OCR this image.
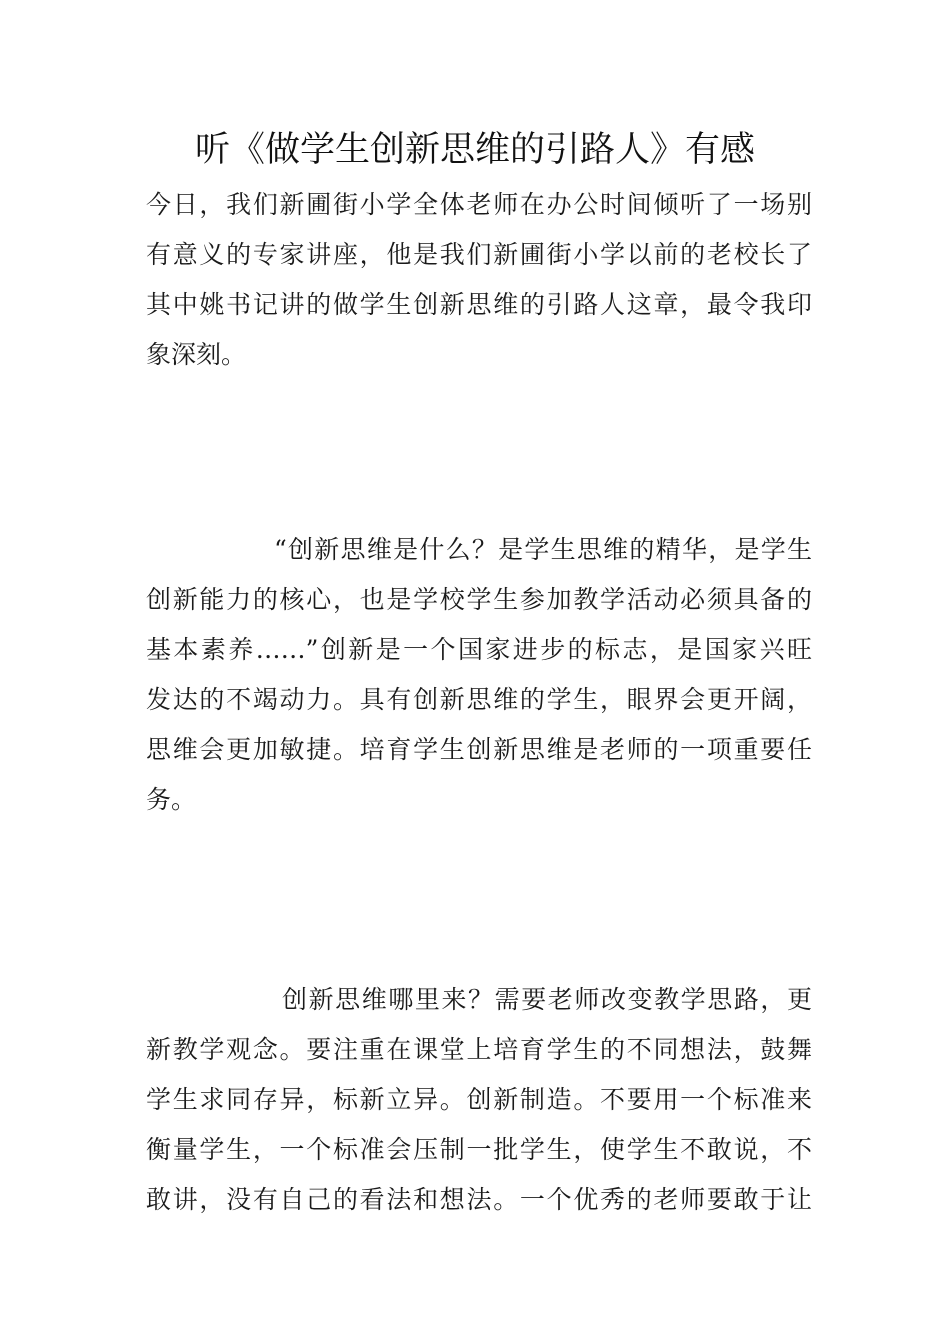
听《做学生创新思维的引路人》有感
今日，我们新圃街小学全体老师在办公时间倾听了一场别
有意义的专家讲座，他是我们新圃街小学以前的老校长了
其中姚书记讲的做学生创新思维的引路人这章，最令我印
象深刻。
“创新思维是什么？是学生思维的精华，是学生
创新能力的核心，也是学校学生参加教学活动必须具备的
基本素养……”创新是一个国家进步的标志，是国家兴旺
发达的不竭动力。具有创新思维的学生，眼界会更开阔，
思维会更加敏捷。培育学生创新思维是老师的一项重要任
务。
创新思维哪里来？需要老师改变教学思路，更
新教学观念。要注重在课堂上培育学生的不同想法，鼓舞
学生求同存异，标新立异。创新制造。不要用一个标准来
衡量学生，一个标准会压制一批学生，使学生不敢说，不
敢讲，没有自己的看法和想法。一个优秀的老师要敢于让
